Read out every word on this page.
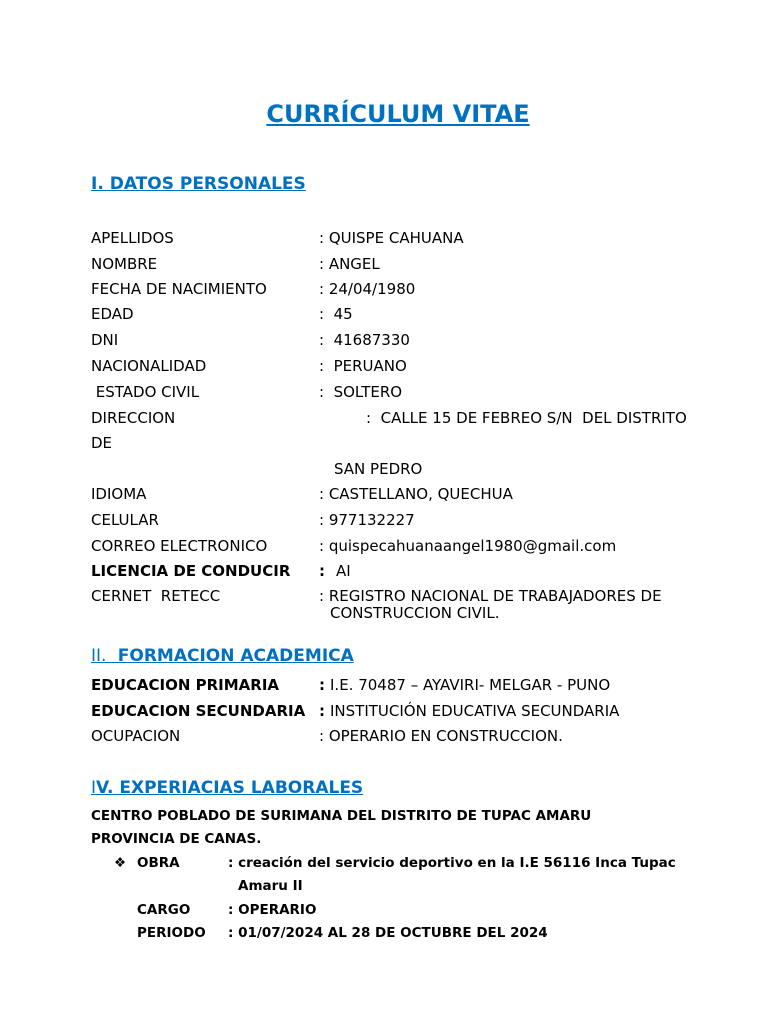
CURRÍCULUM VITAE
I. DATOS PERSONALES
APELLIDOS	: QUISPE CAHUANA
NOMBRE	: ANGEL
FECHA DE NACIMIENTO	: 24/04/1980
EDAD	:  45
DNI	:  41687330
NACIONALIDAD	:  PERUANO
ESTADO CIVIL	:  SOLTERO
DIRECCION	:  CALLE 15 DE FEBREO S/N  DEL DISTRITO
DE
SAN PEDRO
IDIOMA	: CASTELLANO, QUECHUA
CELULAR	: 977132227
CORREO ELECTRONICO	: quispecahuanaangel1980@gmail.com
LICENCIA DE CONDUCIR : AI
CERNET  RETECC	: REGISTRO NACIONAL DE TRABAJADORES DE
CONSTRUCCION CIVIL.
II.  FORMACION ACADEMICA
EDUCACION PRIMARIA	: I.E. 70487 – AYAVIRI- MELGAR - PUNO
EDUCACION SECUNDARIA : INSTITUCIÓN EDUCATIVA SECUNDARIA
OCUPACION	: OPERARIO EN CONSTRUCCION.
IV. EXPERIACIAS LABORALES
CENTRO POBLADO DE SURIMANA DEL DISTRITO DE TUPAC AMARU
PROVINCIA DE CANAS.
❖ OBRA	: creación del servicio deportivo en la I.E 56116 Inca Tupac
Amaru II
CARGO	: OPERARIO
PERIODO : 01/07/2024 AL 28 DE OCTUBRE DEL 2024
